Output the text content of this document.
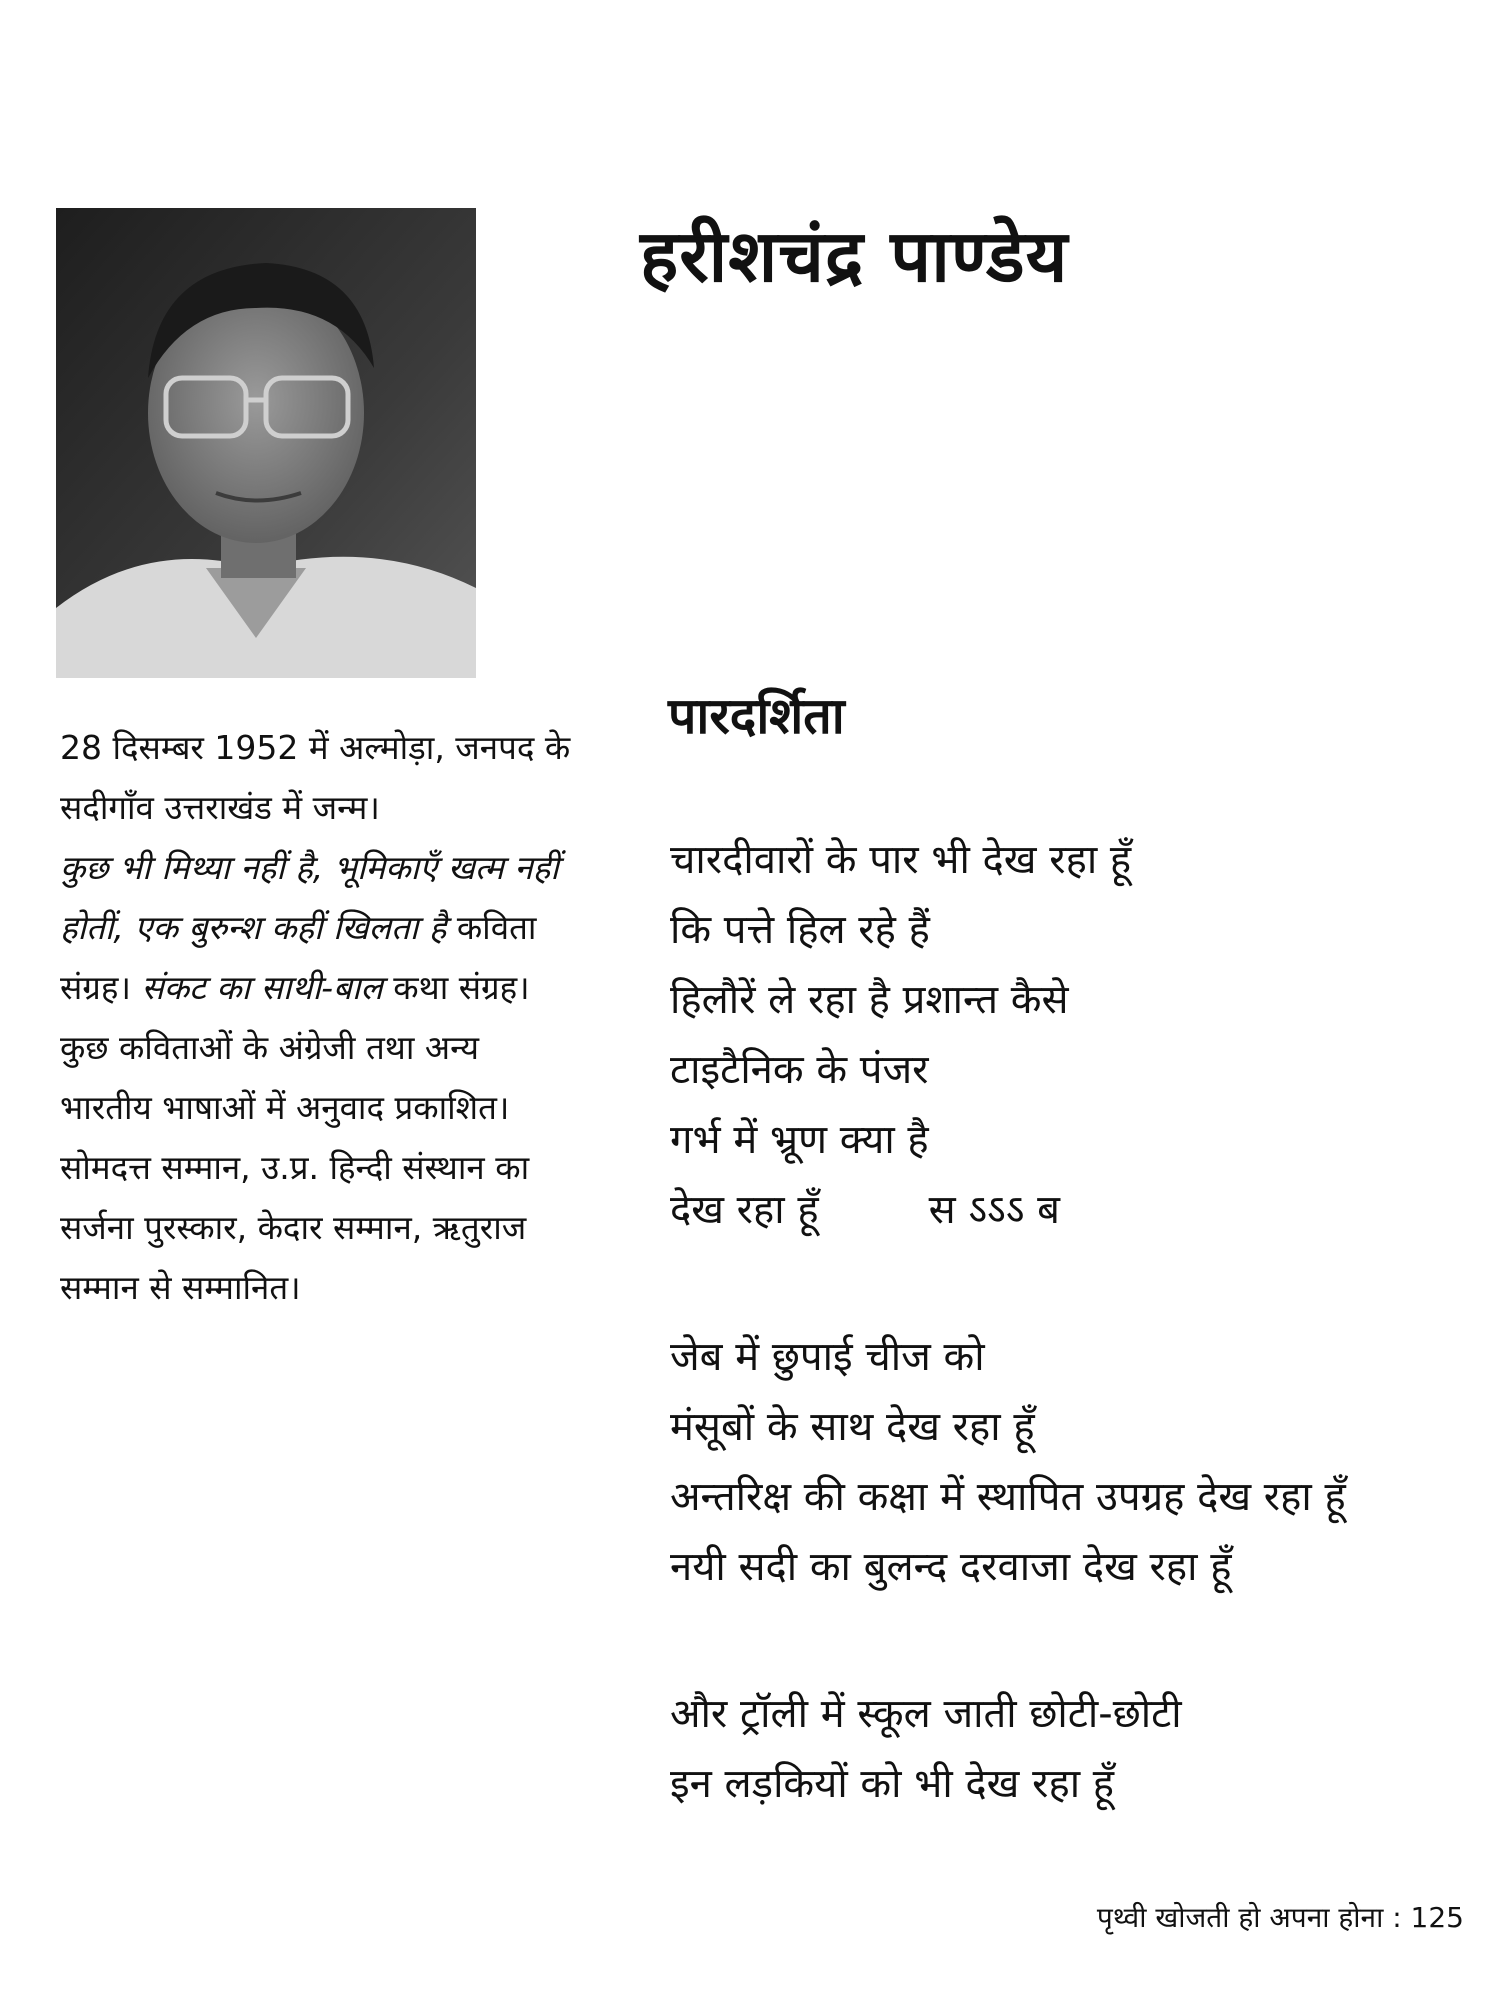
हरीशचंद्र पाण्डेय

28 दिसम्बर 1952 में अल्मोड़ा, जनपद के सदीगाँव उत्तराखंड में जन्म।

कुछ भी मिथ्या नहीं है, भूमिकाएँ खत्म नहीं होतीं, एक बुरुन्श कहीं खिलता है कविता संग्रह। संकट का साथी-बाल कथा संग्रह। कुछ कविताओं के अंग्रेजी तथा अन्य भारतीय भाषाओं में अनुवाद प्रकाशित।

सोमदत्त सम्मान, उ.प्र. हिन्दी संस्थान का सर्जना पुरस्कार, केदार सम्मान, ऋतुराज सम्मान से सम्मानित।

पारदर्शिता
चारदीवारों के पार भी देख रहा हूँ
कि पत्ते हिल रहे हैं
हिलौरें ले रहा है प्रशान्त कैसे
टाइटैनिक के पंजर
गर्भ में भ्रूण क्या है
देख रहा हूँ	स ऽऽऽ ब
जेब में छुपाई चीज को
मंसूबों के साथ देख रहा हूँ
अन्तरिक्ष की कक्षा में स्थापित उपग्रह देख रहा हूँ
नयी सदी का बुलन्द दरवाजा देख रहा हूँ
और ट्रॉली में स्कूल जाती छोटी-छोटी
इन लड़कियों को भी देख रहा हूँ
पृथ्वी खोजती हो अपना होना : 125
